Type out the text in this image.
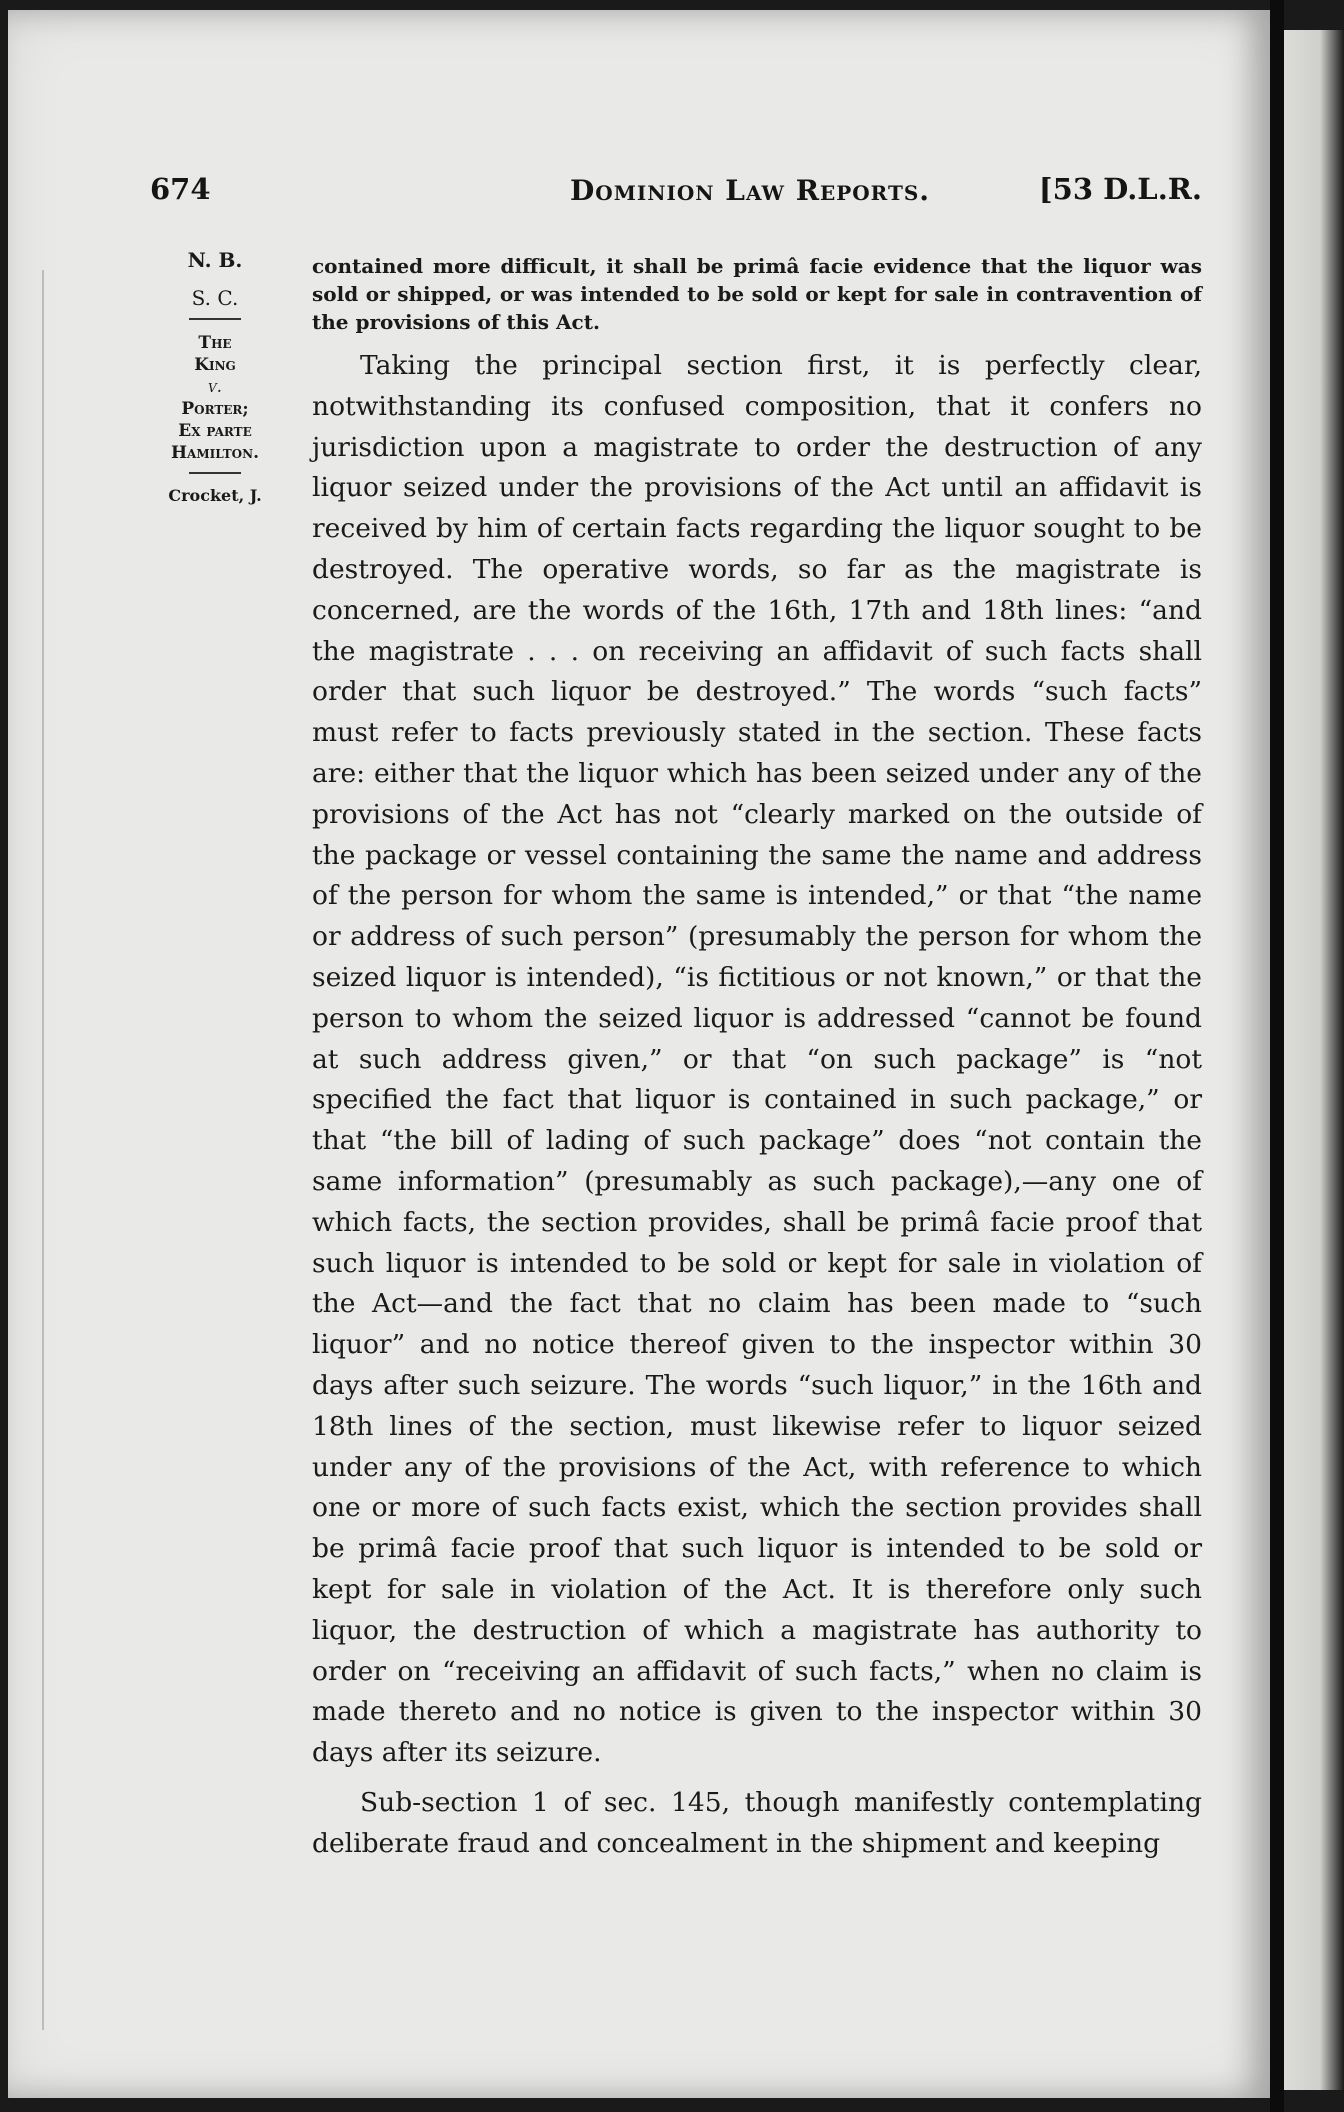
674	Dominion Law Reports.	[53 D.L.R.
N. B.
S. C.
The
King
v.
Porter;
Ex parte
Hamilton.
Crocket, J.

contained more difficult, it shall be primâ facie evidence that the liquor was sold or shipped, or was intended to be sold or kept for sale in contravention of the provisions of this Act.

Taking the principal section first, it is perfectly clear, notwithstanding its confused composition, that it confers no jurisdiction upon a magistrate to order the destruction of any liquor seized under the provisions of the Act until an affidavit is received by him of certain facts regarding the liquor sought to be destroyed. The operative words, so far as the magistrate is concerned, are the words of the 16th, 17th and 18th lines: “and the magistrate . . . on receiving an affidavit of such facts shall order that such liquor be destroyed.” The words “such facts” must refer to facts previously stated in the section. These facts are: either that the liquor which has been seized under any of the provisions of the Act has not “clearly marked on the outside of the package or vessel containing the same the name and address of the person for whom the same is intended,” or that “the name or address of such person” (presumably the person for whom the seized liquor is intended), “is fictitious or not known,” or that the person to whom the seized liquor is addressed “cannot be found at such address given,” or that “on such package” is “not specified the fact that liquor is contained in such package,” or that “the bill of lading of such package” does “not contain the same information” (presumably as such package),—any one of which facts, the section provides, shall be primâ facie proof that such liquor is intended to be sold or kept for sale in violation of the Act—and the fact that no claim has been made to “such liquor” and no notice thereof given to the inspector within 30 days after such seizure. The words “such liquor,” in the 16th and 18th lines of the section, must likewise refer to liquor seized under any of the provisions of the Act, with reference to which one or more of such facts exist, which the section provides shall be primâ facie proof that such liquor is intended to be sold or kept for sale in violation of the Act. It is therefore only such liquor, the destruction of which a magistrate has authority to order on “receiving an affidavit of such facts,” when no claim is made thereto and no notice is given to the inspector within 30 days after its seizure.

Sub-section 1 of sec. 145, though manifestly contemplating deliberate fraud and concealment in the shipment and keeping
